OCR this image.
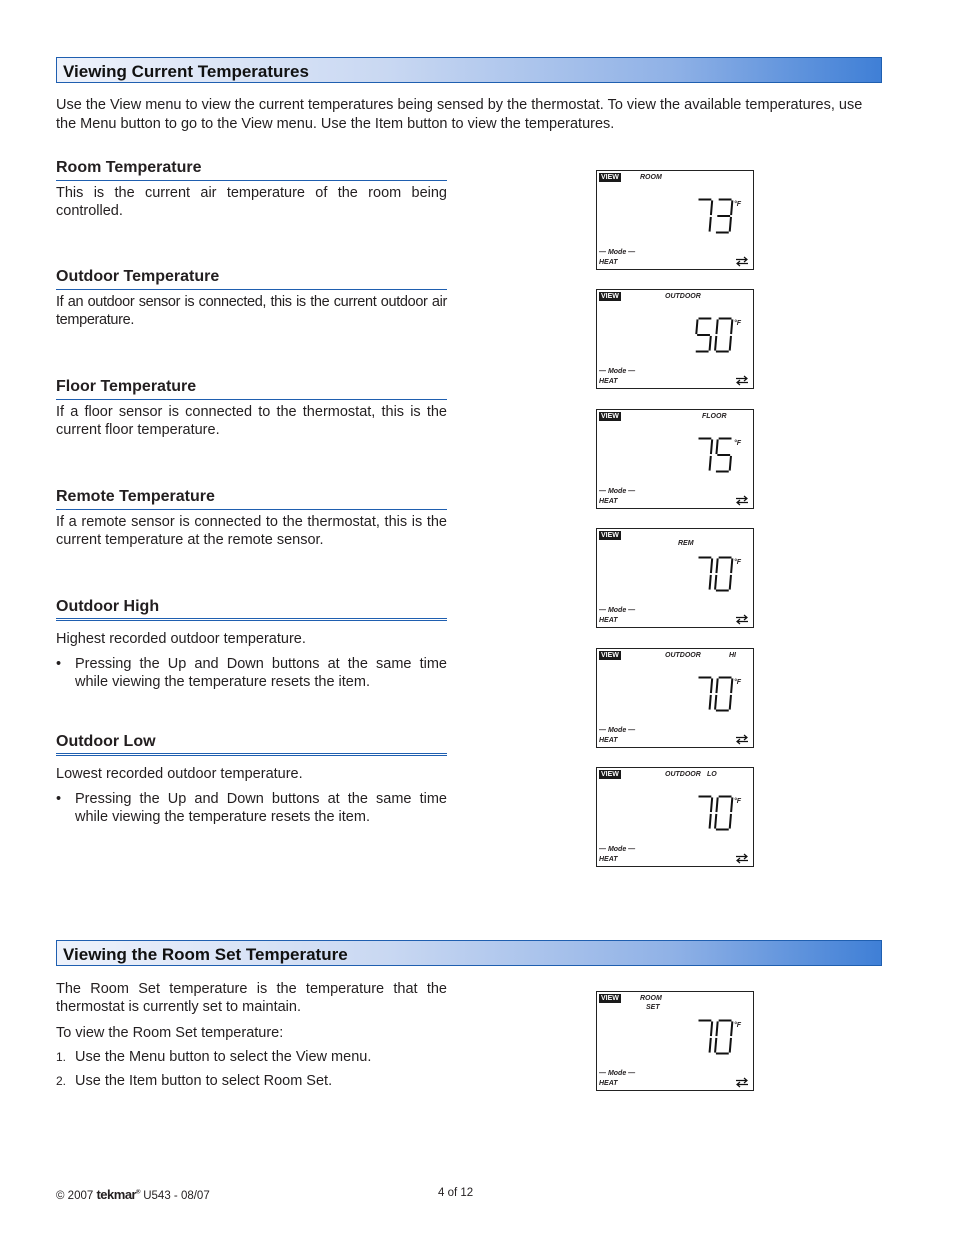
Viewing Current Temperatures
Use the View menu to view the current temperatures being sensed by the thermostat. To view the available temperatures, use the Menu button to go to the View menu. Use the Item button to view the temperatures.
Room Temperature

This is the current air temperature of the room being controlled.

Outdoor Temperature

If an outdoor sensor is connected, this is the current outdoor air temperature.

Floor Temperature

If a floor sensor is connected to the thermostat, this is the current floor temperature.

Remote Temperature

If a remote sensor is connected to the thermostat, this is the current temperature at the remote sensor.

Outdoor High

Highest recorded outdoor temperature.

• Pressing the Up and Down buttons at the same time while viewing the temperature resets the item.
Outdoor Low

Lowest recorded outdoor temperature.

• Pressing the Up and Down buttons at the same time while viewing the temperature resets the item.
Viewing the Room Set Temperature

The Room Set temperature is the temperature that the thermostat is currently set to maintain.

To view the Room Set temperature:

1. Use the Menu button to select the View menu.
2. Use the Item button to select Room Set.
VIEW	ROOM
°F
— Mode —
HEAT
VIEW	OUTDOOR
°F
— Mode —
HEAT
VIEW	FLOOR
°F
— Mode —
HEAT
VIEW
REM
°F
— Mode —
HEAT
VIEW	OUTDOOR	HI
°F
— Mode —
HEAT
VIEW	OUTDOOR LO
°F
— Mode —
HEAT
VIEW	ROOM
SET
°F
— Mode —
HEAT
© 2007 tekmar® U543 - 08/07	4 of 12
